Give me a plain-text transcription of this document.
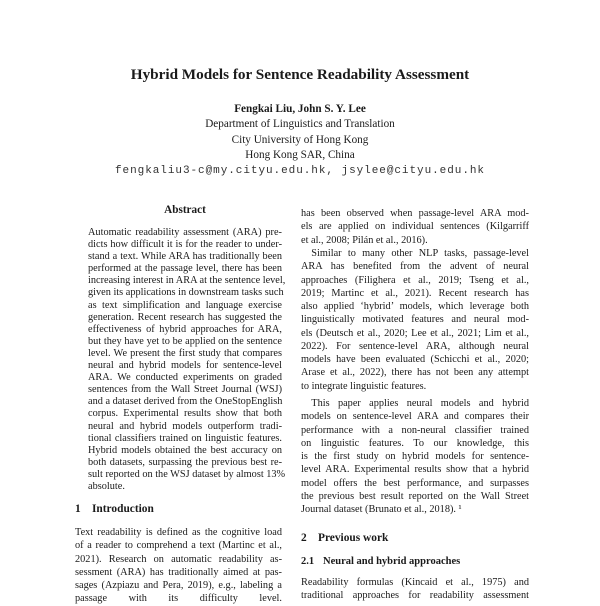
Hybrid Models for Sentence Readability Assessment
Fengkai Liu, John S. Y. Lee
Department of Linguistics and Translation
City University of Hong Kong
Hong Kong SAR, China
fengkaliu3-c@my.cityu.edu.hk, jsylee@cityu.edu.hk
Abstract
Automatic readability assessment (ARA) pre-
dicts how difficult it is for the reader to under-
stand a text. While ARA has traditionally been
performed at the passage level, there has been
increasing interest in ARA at the sentence level,
given its applications in downstream tasks such
as text simplification and language exercise
generation. Recent research has suggested the
effectiveness of hybrid approaches for ARA,
but they have yet to be applied on the sentence
level. We present the first study that compares
neural and hybrid models for sentence-level
ARA. We conducted experiments on graded
sentences from the Wall Street Journal (WSJ)
and a dataset derived from the OneStopEnglish
corpus. Experimental results show that both
neural and hybrid models outperform tradi-
tional classifiers trained on linguistic features.
Hybrid models obtained the best accuracy on
both datasets, surpassing the previous best re-
sult reported on the WSJ dataset by almost 13%
absolute.
1 Introduction
Text readability is defined as the cognitive load
of a reader to comprehend a text (Martinc et al.,
2021). Research on automatic readability as-
sessment (ARA) has traditionally aimed at pas-
sages (Azpiazu and Pera, 2019), e.g., labeling a
passage with its difficulty level.
has been observed when passage-level ARA mod-
els are applied on individual sentences (Kilgarriff
et al., 2008; Pilán et al., 2016).
 Similar to many other NLP tasks, passage-level
ARA has benefited from the advent of neural
approaches (Filighera et al., 2019; Tseng et al.,
2019; Martinc et al., 2021). Recent research has
also applied ‘hybrid’ models, which leverage both
linguistically motivated features and neural mod-
els (Deutsch et al., 2020; Lee et al., 2021; Lim et al.,
2022). For sentence-level ARA, although neural
models have been evaluated (Schicchi et al., 2020;
Arase et al., 2022), there has not been any attempt
to integrate linguistic features.
 This paper applies neural models and hybrid
models on sentence-level ARA and compares their
performance with a non-neural classifier trained
on linguistic features. To our knowledge, this
is the first study on hybrid models for sentence-
level ARA. Experimental results show that a hybrid
model offers the best performance, and surpasses
the previous best result reported on the Wall Street
Journal dataset (Brunato et al., 2018). ¹
2 Previous work
2.1 Neural and hybrid approaches
Readability formulas (Kincaid et al., 1975) and
traditional approaches for readability assessment
